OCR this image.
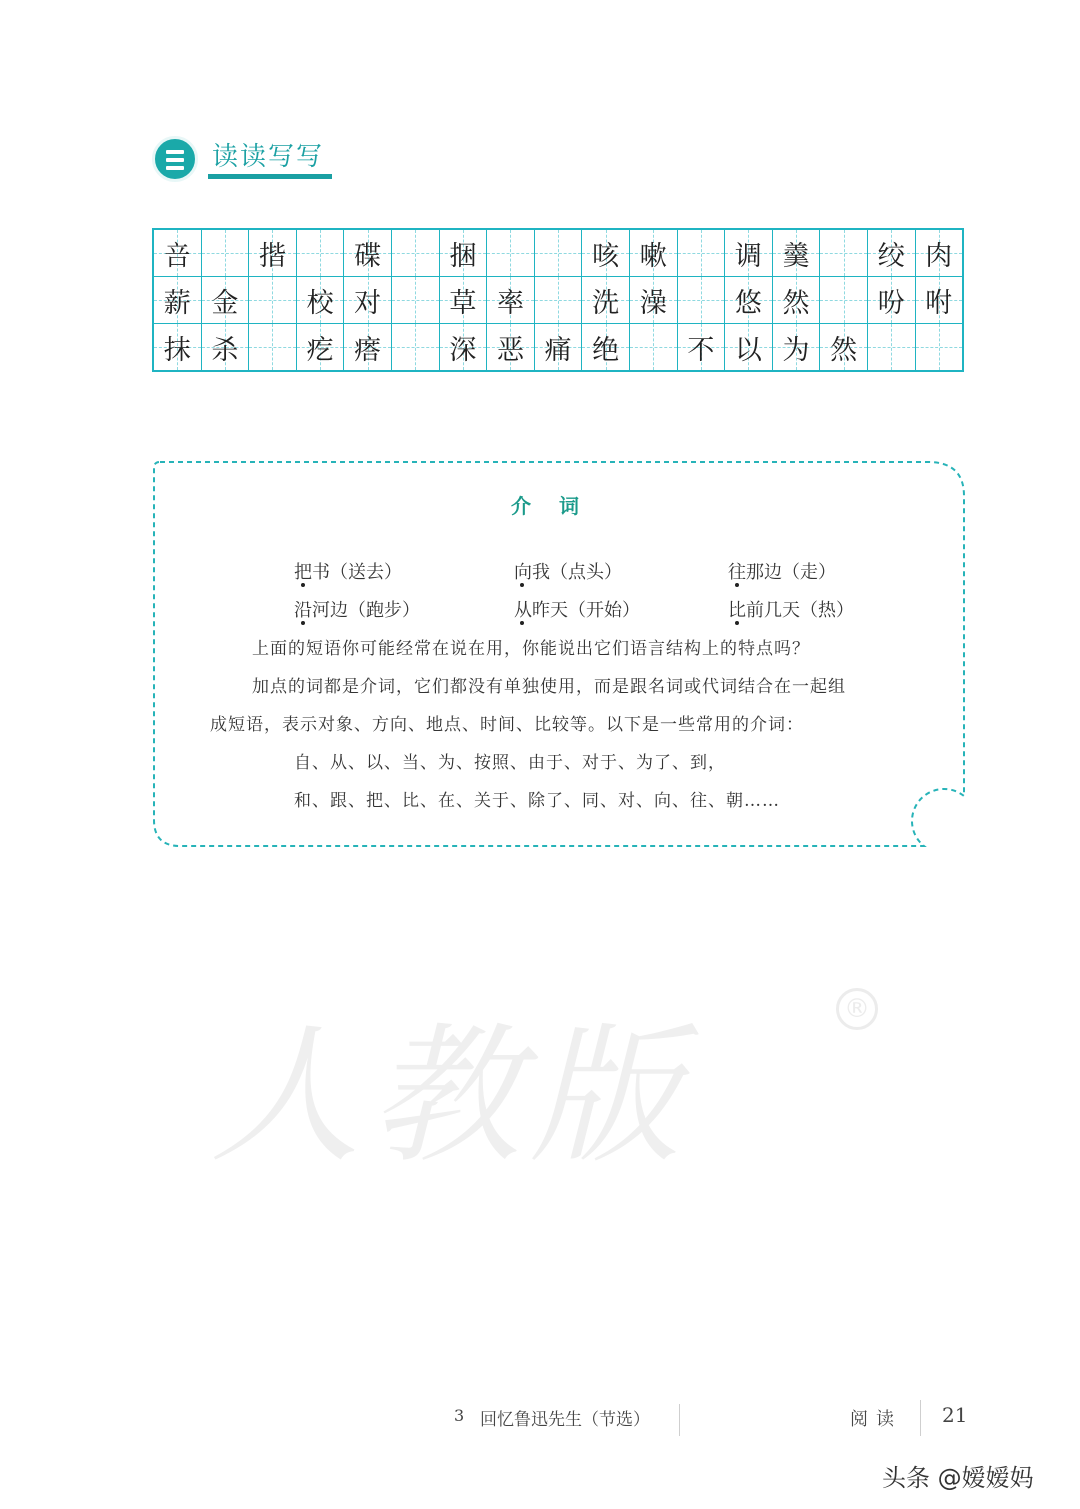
读读写写
咅	揩	碟	捆	咳 嗽	调 羹	绞 肉
薪 金	校 对	草 率	洗 澡	悠 然	吩 咐
抹 杀	疙 瘩	深 恶 痛 绝	不 以 为 然
介词
把书（送去）	向我（点头）	往那边（走）
沿河边（跑步）	从昨天（开始）	比前几天（热）
上面的短语你可能经常在说在用，你能说出它们语言结构上的特点吗？
加点的词都是介词，它们都没有单独使用，而是跟名词或代词结合在一起组
成短语，表示对象、方向、地点、时间、比较等。以下是一些常用的介词：
自、从、以、当、为、按照、由于、对于、为了、到，
和、跟、把、比、在、关于、除了、同、对、向、往、朝……
人教版
®
3 回忆鲁迅先生（节选）	阅读 21
头条 @嫒嫒妈
